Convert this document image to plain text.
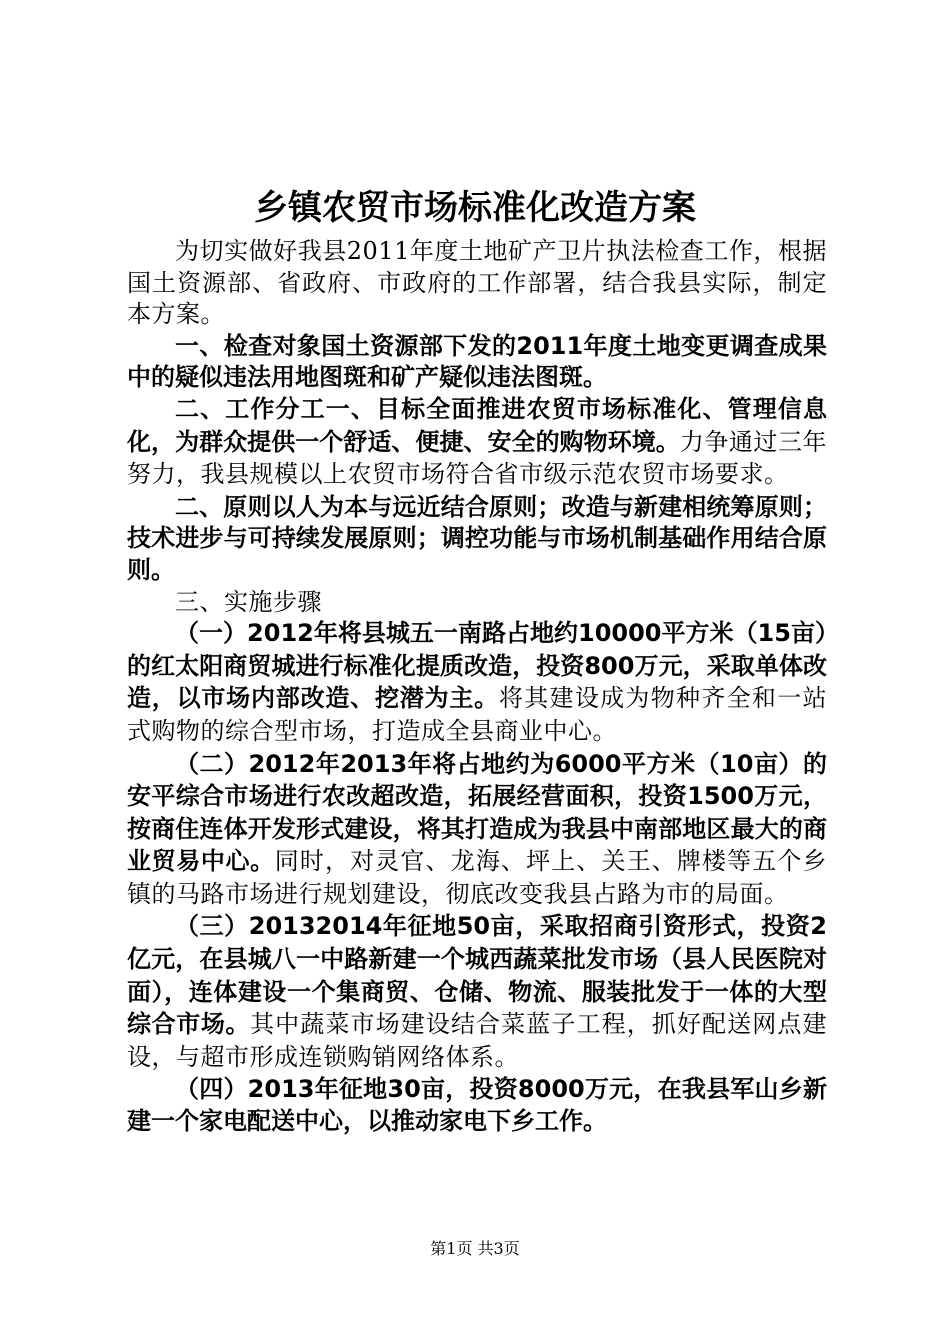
乡镇农贸市场标准化改造方案

为切实做好我县2011年度土地矿产卫片执法检查工作，根据国土资源部、省政府、市政府的工作部署，结合我县实际，制定本方案。

一、检查对象国土资源部下发的2011年度土地变更调查成果中的疑似违法用地图斑和矿产疑似违法图斑。

二、工作分工一、目标全面推进农贸市场标准化、管理信息化，为群众提供一个舒适、便捷、安全的购物环境。力争通过三年努力，我县规模以上农贸市场符合省市级示范农贸市场要求。

二、原则以人为本与远近结合原则；改造与新建相统筹原则；技术进步与可持续发展原则；调控功能与市场机制基础作用结合原则。

三、实施步骤

（一）2012年将县城五一南路占地约10000平方米（15亩）的红太阳商贸城进行标准化提质改造，投资800万元，采取单体改造，以市场内部改造、挖潜为主。将其建设成为物种齐全和一站式购物的综合型市场，打造成全县商业中心。

（二）2012年2013年将占地约为6000平方米（10亩）的安平综合市场进行农改超改造，拓展经营面积，投资1500万元，按商住连体开发形式建设，将其打造成为我县中南部地区最大的商业贸易中心。同时，对灵官、龙海、坪上、关王、牌楼等五个乡镇的马路市场进行规划建设，彻底改变我县占路为市的局面。

（三）20132014年征地50亩，采取招商引资形式，投资2亿元，在县城八一中路新建一个城西蔬菜批发市场（县人民医院对面），连体建设一个集商贸、仓储、物流、服装批发于一体的大型综合市场。其中蔬菜市场建设结合菜蓝子工程，抓好配送网点建设，与超市形成连锁购销网络体系。

（四）2013年征地30亩，投资8000万元，在我县军山乡新建一个家电配送中心，以推动家电下乡工作。

第1页 共3页
